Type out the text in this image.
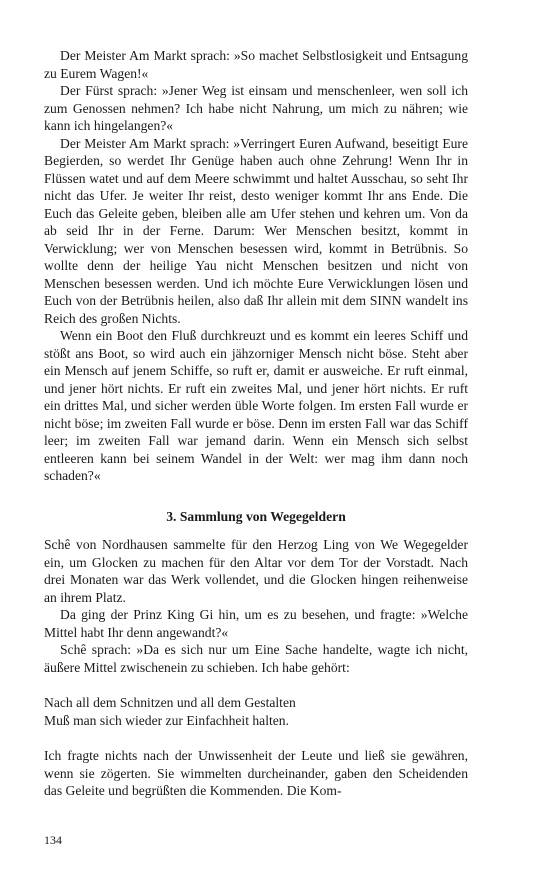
Der Meister Am Markt sprach: »So machet Selbstlosigkeit und Entsagung zu Eurem Wagen!«

Der Fürst sprach: »Jener Weg ist einsam und menschenleer, wen soll ich zum Genossen nehmen? Ich habe nicht Nahrung, um mich zu nähren; wie kann ich hingelangen?«

Der Meister Am Markt sprach: »Verringert Euren Aufwand, beseitigt Eure Begierden, so werdet Ihr Genüge haben auch ohne Zehrung! Wenn Ihr in Flüssen watet und auf dem Meere schwimmt und haltet Ausschau, so seht Ihr nicht das Ufer. Je weiter Ihr reist, desto weniger kommt Ihr ans Ende. Die Euch das Geleite geben, bleiben alle am Ufer stehen und kehren um. Von da ab seid Ihr in der Ferne. Darum: Wer Menschen besitzt, kommt in Verwicklung; wer von Menschen besessen wird, kommt in Betrübnis. So wollte denn der heilige Yau nicht Menschen besitzen und nicht von Menschen besessen werden. Und ich möchte Eure Verwicklungen lösen und Euch von der Betrübnis heilen, also daß Ihr allein mit dem SINN wandelt ins Reich des großen Nichts.

Wenn ein Boot den Fluß durchkreuzt und es kommt ein leeres Schiff und stößt ans Boot, so wird auch ein jähzorniger Mensch nicht böse. Steht aber ein Mensch auf jenem Schiffe, so ruft er, damit er ausweiche. Er ruft einmal, und jener hört nichts. Er ruft ein zweites Mal, und jener hört nichts. Er ruft ein drittes Mal, und sicher werden üble Worte folgen. Im ersten Fall wurde er nicht böse; im zweiten Fall wurde er böse. Denn im ersten Fall war das Schiff leer; im zweiten Fall war jemand darin. Wenn ein Mensch sich selbst entleeren kann bei seinem Wandel in der Welt: wer mag ihm dann noch schaden?«

3. Sammlung von Wegegeldern

Schê von Nordhausen sammelte für den Herzog Ling von We Wegegelder ein, um Glocken zu machen für den Altar vor dem Tor der Vorstadt. Nach drei Monaten war das Werk vollendet, und die Glocken hingen reihenweise an ihrem Platz.

Da ging der Prinz King Gi hin, um es zu besehen, und fragte: »Welche Mittel habt Ihr denn angewandt?«

Schê sprach: »Da es sich nur um Eine Sache handelte, wagte ich nicht, äußere Mittel zwischenein zu schieben. Ich habe gehört:

Nach all dem Schnitzen und all dem Gestalten
Muß man sich wieder zur Einfachheit halten.

Ich fragte nichts nach der Unwissenheit der Leute und ließ sie gewähren, wenn sie zögerten. Sie wimmelten durcheinander, gaben den Scheidenden das Geleite und begrüßten die Kommenden. Die Kom-

134
